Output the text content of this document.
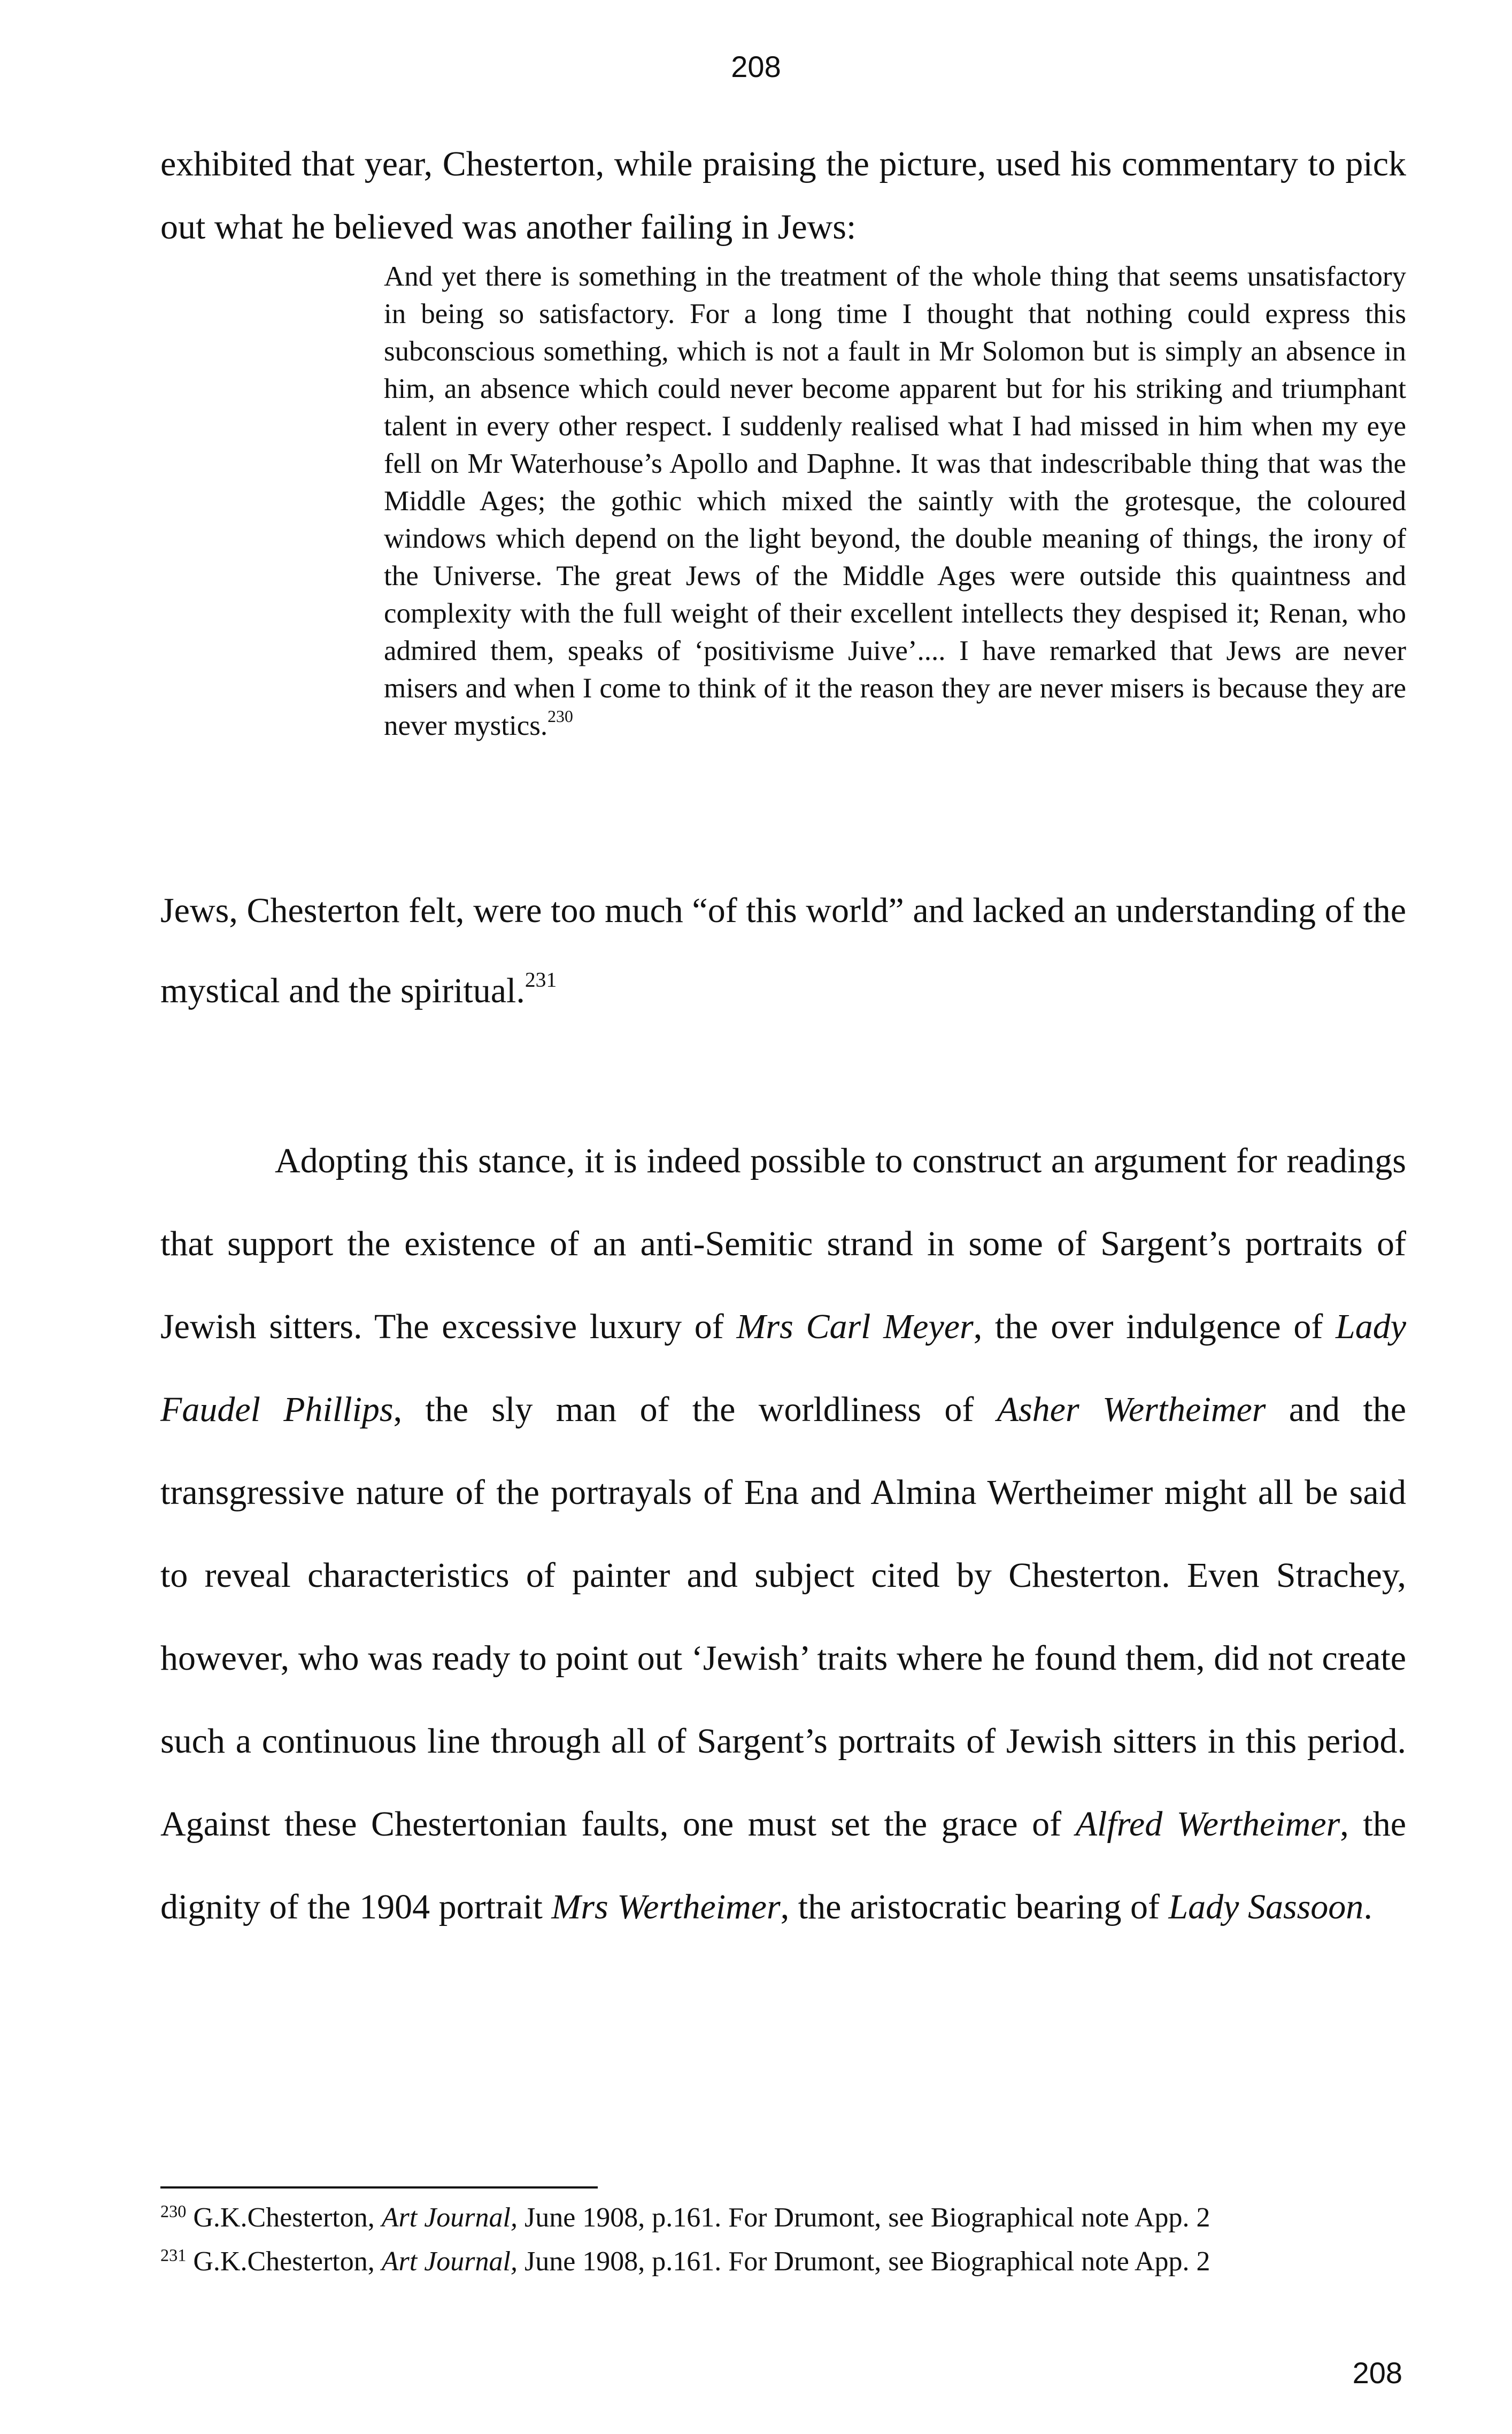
208

exhibited that year, Chesterton, while praising the picture, used his commentary to pick out what he believed was another failing in Jews:

And yet there is something in the treatment of the whole thing that seems unsatisfactory in being so satisfactory. For a long time I thought that nothing could express this subconscious something, which is not a fault in Mr Solomon but is simply an absence in him, an absence which could never become apparent but for his striking and triumphant talent in every other respect. I suddenly realised what I had missed in him when my eye fell on Mr Waterhouse’s Apollo and Daphne. It was that indescribable thing that was the Middle Ages; the gothic which mixed the saintly with the grotesque, the coloured windows which depend on the light beyond, the double meaning of things, the irony of the Universe. The great Jews of the Middle Ages were outside this quaintness and complexity with the full weight of their excellent intellects they despised it; Renan, who admired them, speaks of ‘positivisme Juive’.... I have remarked that Jews are never misers and when I come to think of it the reason they are never misers is because they are never mystics.$^{230}$

Jews, Chesterton felt, were too much “of this world” and lacked an understanding of the mystical and the spiritual.$^{231}$

Adopting this stance, it is indeed possible to construct an argument for readings that support the existence of an anti-Semitic strand in some of Sargent’s portraits of Jewish sitters. The excessive luxury of Mrs Carl Meyer, the over indulgence of Lady Faudel Phillips, the sly man of the worldliness of Asher Wertheimer and the transgressive nature of the portrayals of Ena and Almina Wertheimer might all be said to reveal characteristics of painter and subject cited by Chesterton. Even Strachey, however, who was ready to point out ‘Jewish’ traits where he found them, did not create such a continuous line through all of Sargent’s portraits of Jewish sitters in this period. Against these Chestertonian faults, one must set the grace of Alfred Wertheimer, the dignity of the 1904 portrait Mrs Wertheimer, the aristocratic bearing of Lady Sassoon.

$^{230}$ G.K.Chesterton, Art Journal, June 1908, p.161. For Drumont, see Biographical note App. 2
$^{231}$ G.K.Chesterton, Art Journal, June 1908, p.161. For Drumont, see Biographical note App. 2
208
